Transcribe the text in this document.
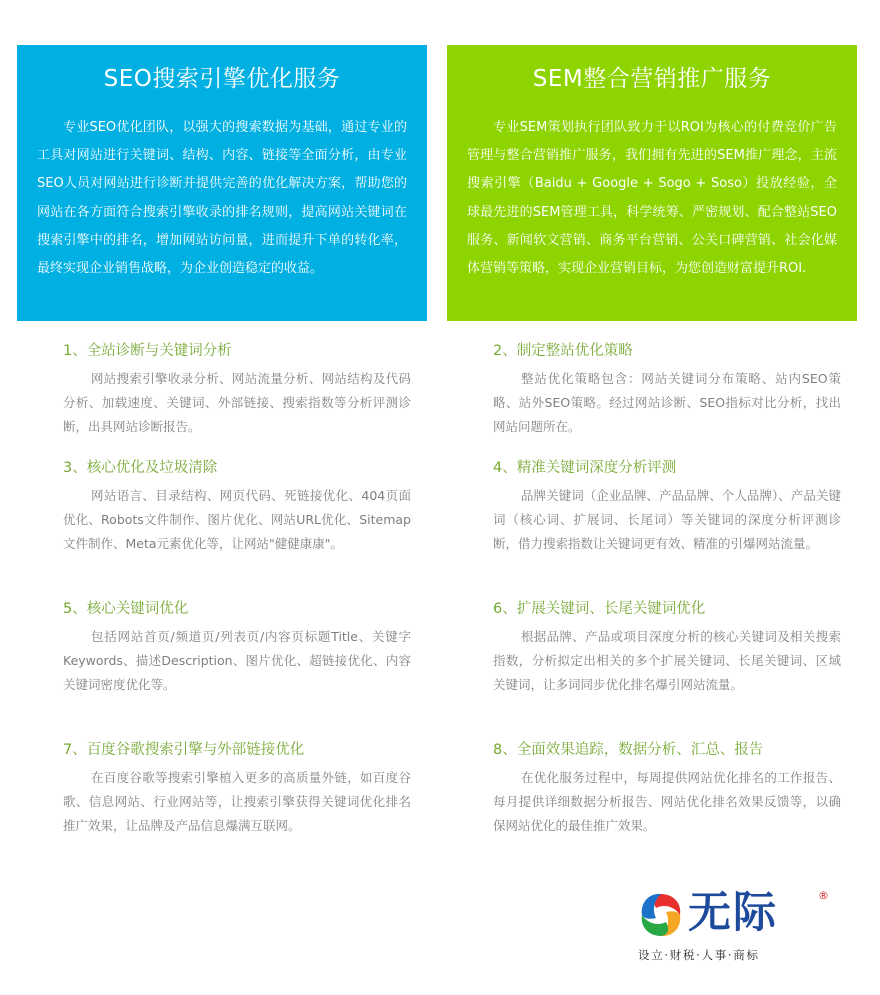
SEO搜索引擎优化服务

专业SEO优化团队，以强大的搜索数据为基础，通过专业的工具对网站进行关键词、结构、内容、链接等全面分析，由专业SEO人员对网站进行诊断并提供完善的优化解决方案，帮助您的网站在各方面符合搜索引擎收录的排名规则，提高网站关键词在搜索引擎中的排名，增加网站访问量，进而提升下单的转化率，最终实现企业销售战略，为企业创造稳定的收益。

SEM整合营销推广服务

专业SEM策划执行团队致力于以ROI为核心的付费竞价广告管理与整合营销推广服务，我们拥有先进的SEM推广理念，主流搜索引擎（Baidu + Google + Sogo + Soso）投放经验，全球最先进的SEM管理工具，科学统筹、严密规划、配合整站SEO服务、新闻软文营销、商务平台营销、公关口碑营销、社会化媒体营销等策略，实现企业营销目标，为您创造财富提升ROI.

1、全站诊断与关键词分析

网站搜索引擎收录分析、网站流量分析、网站结构及代码分析、加载速度、关键词、外部链接、搜索指数等分析评测诊断，出具网站诊断报告。

3、核心优化及垃圾清除

网站语言、目录结构、网页代码、死链接优化、404页面优化、Robots文件制作、图片优化、网站URL优化、Sitemap文件制作、Meta元素优化等，让网站"健健康康"。

5、核心关键词优化

包括网站首页/频道页/列表页/内容页标题Title、关键字Keywords、描述Description、图片优化、超链接优化、内容关键词密度优化等。

7、百度谷歌搜索引擎与外部链接优化

在百度谷歌等搜索引擎植入更多的高质量外链，如百度谷歌、信息网站、行业网站等，让搜索引擎获得关键词优化排名推广效果，让品牌及产品信息爆满互联网。

2、制定整站优化策略

整站优化策略包含：网站关键词分布策略、站内SEO策略、站外SEO策略。经过网站诊断、SEO指标对比分析，找出网站问题所在。

4、精准关键词深度分析评测

品牌关键词（企业品牌、产品品牌、个人品牌）、产品关键词（核心词、扩展词、长尾词）等关键词的深度分析评测诊断，借力搜索指数让关键词更有效、精准的引爆网站流量。

6、扩展关键词、长尾关键词优化

根据品牌、产品或项目深度分析的核心关键词及相关搜索指数，分析拟定出相关的多个扩展关键词、长尾关键词、区域关键词，让多词同步优化排名爆引网站流量。

8、全面效果追踪，数据分析、汇总、报告

在优化服务过程中，每周提供网站优化排名的工作报告、每月提供详细数据分析报告、网站优化排名效果反馈等，以确保网站优化的最佳推广效果。

无际	®
设立·财税·人事·商标
